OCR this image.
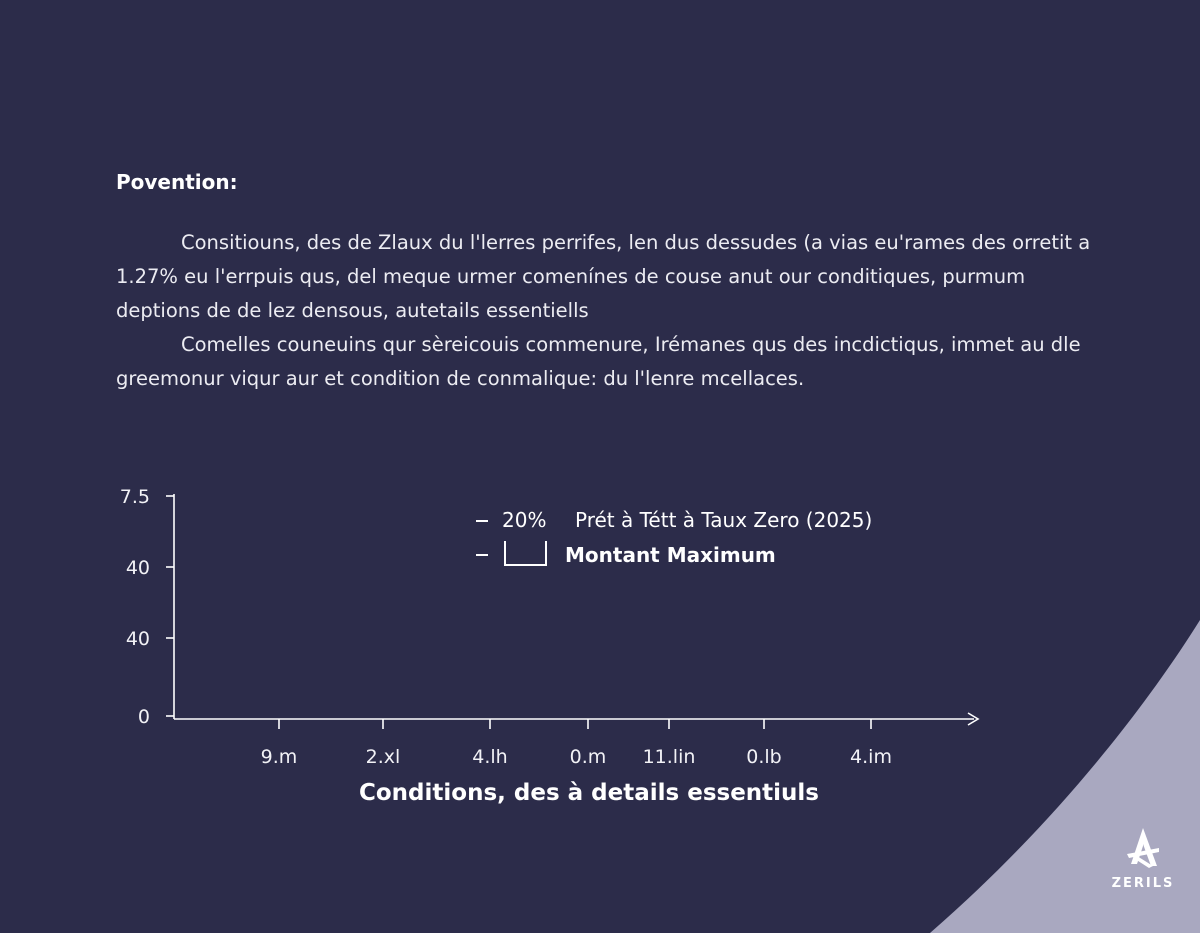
Povention:

Consitiouns, des de Zlaux du l'lerres perrifes, len dus dessudes (a vias eu'rames des orretit a 1.27% eu l'errpuis qus, del meque urmer comenínes de couse anut our conditiques, purmum deptions de de lez densous, autetails essentiells

Comelles couneuins qur sèreicouis commenure, Irémanes qus des incdictiqus, immet au dle greemonur viqur aur et condition de conmalique: du l'lenre mcellaces.

7.5
40
40
0
9.m	2.xl	4.lh	0.m 11.lin	0.lb	4.im
Conditions, des à details essentiuls
20% Prét à Tétt à Taux Zero (2025)
Montant Maximum
ZERILS
